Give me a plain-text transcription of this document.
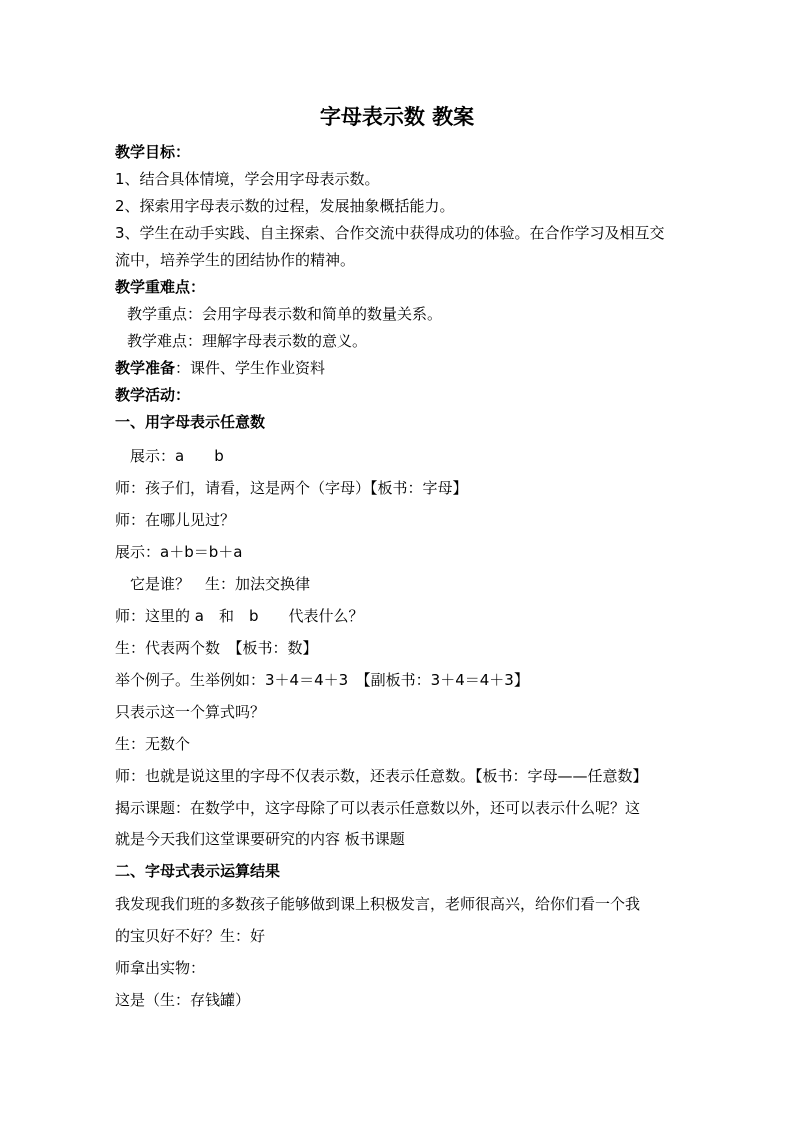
字母表示数 教案
教学目标：
1、结合具体情境，学会用字母表示数。
2、探索用字母表示数的过程，发展抽象概括能力。
3、学生在动手实践、自主探索、合作交流中获得成功的体验。在合作学习及相互交
流中，培养学生的团结协作的精神。
教学重难点：
教学重点：会用字母表示数和简单的数量关系。
教学难点：理解字母表示数的意义。
教学准备：课件、学生作业资料
教学活动：
一、用字母表示任意数
展示：a　　b
师：孩子们，请看，这是两个（字母）【板书：字母】
师：在哪儿见过？
展示：a＋b＝b＋a
它是谁？　生：加法交换律
师：这里的 a　和　b　　代表什么？
生：代表两个数　【板书：数】
举个例子。生举例如：3＋4＝4＋3　【副板书：3＋4＝4＋3】
只表示这一个算式吗？
生：无数个
师：也就是说这里的字母不仅表示数，还表示任意数。【板书：字母——任意数】
揭示课题：在数学中，这字母除了可以表示任意数以外，还可以表示什么呢？这
就是今天我们这堂课要研究的内容 板书课题
二、字母式表示运算结果
我发现我们班的多数孩子能够做到课上积极发言，老师很高兴，给你们看一个我
的宝贝好不好？生：好
师拿出实物：
这是（生：存钱罐）
